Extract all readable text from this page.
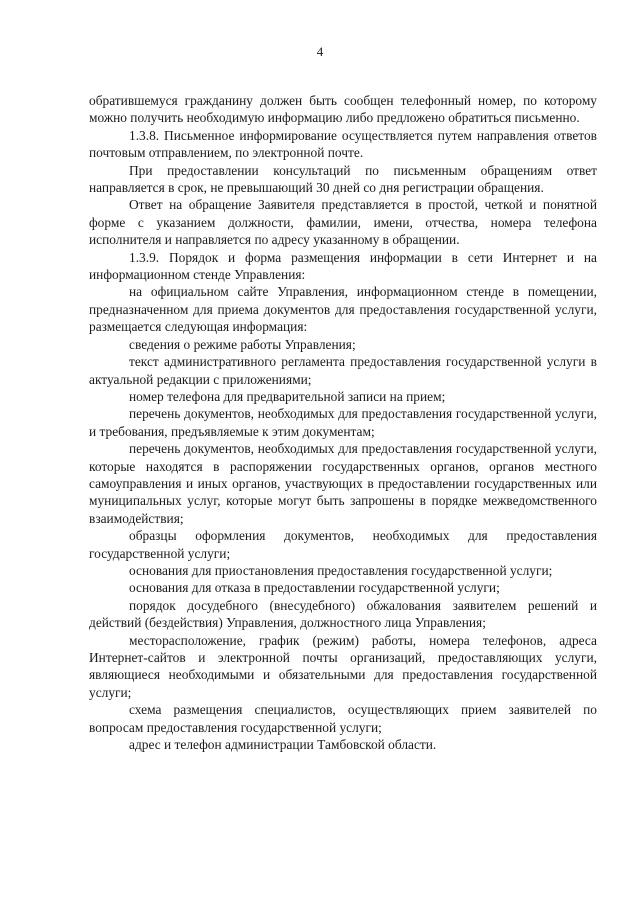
4

обратившемуся гражданину должен быть сообщен телефонный номер, по которому можно получить необходимую информацию либо предложено обратиться письменно.

1.3.8. Письменное информирование осуществляется путем направления ответов почтовым отправлением, по электронной почте.

При предоставлении консультаций по письменным обращениям ответ направляется в срок, не превышающий 30 дней со дня регистрации обращения.

Ответ на обращение Заявителя представляется в простой, четкой и понятной форме с указанием должности, фамилии, имени, отчества, номера телефона исполнителя и направляется по адресу указанному в обращении.

1.3.9. Порядок и форма размещения информации в сети Интернет и на информационном стенде Управления:

на официальном сайте Управления, информационном стенде в помещении, предназначенном для приема документов для предоставления государственной услуги, размещается следующая информация:

сведения о режиме работы Управления;

текст административного регламента предоставления государственной услуги в актуальной редакции с приложениями;

номер телефона для предварительной записи на прием;

перечень документов, необходимых для предоставления государственной услуги, и требования, предъявляемые к этим документам;

перечень документов, необходимых для предоставления государственной услуги, которые находятся в распоряжении государственных органов, органов местного самоуправления и иных органов, участвующих в предоставлении государственных или муниципальных услуг, которые могут быть запрошены в порядке межведомственного взаимодействия;

образцы оформления документов, необходимых для предоставления государственной услуги;

основания для приостановления предоставления государственной услуги;

основания для отказа в предоставлении государственной услуги;

порядок досудебного (внесудебного) обжалования заявителем решений и действий (бездействия) Управления, должностного лица Управления;

месторасположение, график (режим) работы, номера телефонов, адреса Интернет-сайтов и электронной почты организаций, предоставляющих услуги, являющиеся необходимыми и обязательными для предоставления государственной услуги;

схема размещения специалистов, осуществляющих прием заявителей по вопросам предоставления государственной услуги;

адрес и телефон администрации Тамбовской области.
